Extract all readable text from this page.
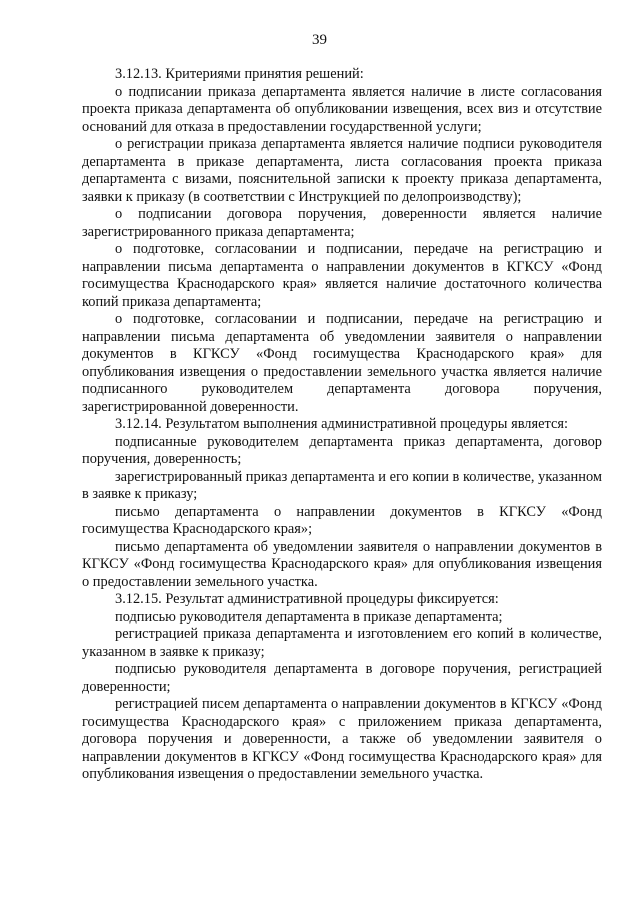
39

3.12.13. Критериями принятия решений:

о подписании приказа департамента является наличие в листе согласования проекта приказа департамента об опубликовании извещения, всех виз и отсутствие оснований для отказа в предоставлении государственной услуги;

о регистрации приказа департамента является наличие подписи руководителя департамента в приказе департамента, листа согласования проекта приказа департамента с визами, пояснительной записки к проекту приказа департамента, заявки к приказу (в соответствии с Инструкцией по делопроизводству);

о подписании договора поручения, доверенности является наличие зарегистрированного приказа департамента;

о подготовке, согласовании и подписании, передаче на регистрацию и направлении письма департамента о направлении документов в КГКСУ «Фонд госимущества Краснодарского края» является наличие достаточного количества копий приказа департамента;

о подготовке, согласовании и подписании, передаче на регистрацию и направлении письма департамента об уведомлении заявителя о направлении документов в КГКСУ «Фонд госимущества Краснодарского края» для опубликования извещения о предоставлении земельного участка является наличие подписанного руководителем департамента договора поручения, зарегистрированной доверенности.

3.12.14. Результатом выполнения административной процедуры является:

подписанные руководителем департамента приказ департамента, договор поручения, доверенность;

зарегистрированный приказ департамента и его копии в количестве, указанном в заявке к приказу;

письмо департамента о направлении документов в КГКСУ «Фонд госимущества Краснодарского края»;

письмо департамента об уведомлении заявителя о направлении документов в КГКСУ «Фонд госимущества Краснодарского края» для опубликования извещения о предоставлении земельного участка.

3.12.15. Результат административной процедуры фиксируется:

подписью руководителя департамента в приказе департамента;

регистрацией приказа департамента и изготовлением его копий в количестве, указанном в заявке к приказу;

подписью руководителя департамента в договоре поручения, регистрацией доверенности;

регистрацией писем департамента о направлении документов в КГКСУ «Фонд госимущества Краснодарского края» с приложением приказа департамента, договора поручения и доверенности, а также об уведомлении заявителя о направлении документов в КГКСУ «Фонд госимущества Краснодарского края» для опубликования извещения о предоставлении земельного участка.
